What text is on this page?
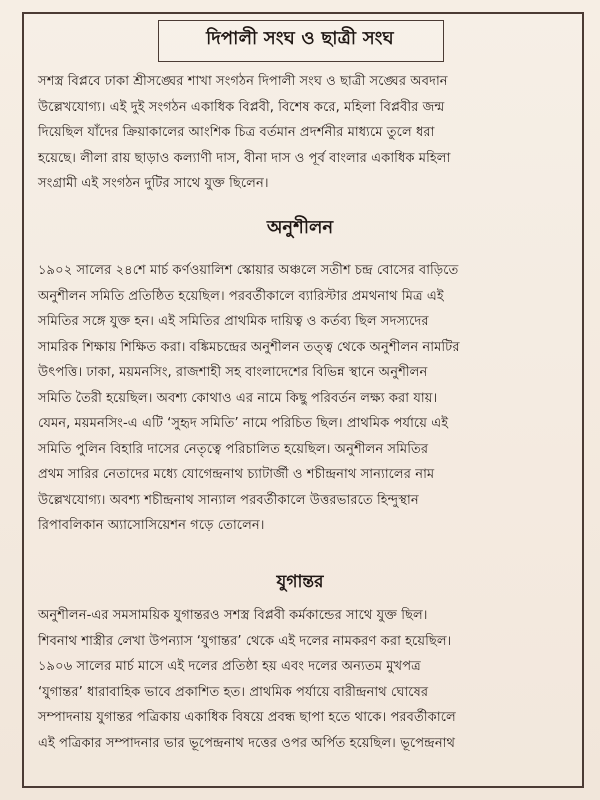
দিপালী সংঘ ও ছাত্রী সংঘ
সশস্ত্র বিপ্লবে ঢাকা শ্রীসঙ্ঘের শাখা সংগঠন দিপালী সংঘ ও ছাত্রী সঙ্ঘের অবদান
উল্লেখযোগ্য। এই দুই সংগঠন একাধিক বিপ্লবী, বিশেষ করে, মহিলা বিপ্লবীর জন্ম
দিয়েছিল যাঁদের ক্রিয়াকালের আংশিক চিত্র বর্তমান প্রদর্শনীর মাধ্যমে তুলে ধরা
হয়েছে। লীলা রায় ছাড়াও কল্যাণী দাস, বীনা দাস ও পূর্ব বাংলার একাধিক মহিলা
সংগ্রামী এই সংগঠন দুটির সাথে যুক্ত ছিলেন।
অনুশীলন
১৯০২ সালের ২৪শে মার্চ কর্ণওয়ালিশ স্কোয়ার অঞ্চলে সতীশ চন্দ্র বোসের বাড়িতে
অনুশীলন সমিতি প্রতিষ্ঠিত হয়েছিল। পরবর্তীকালে ব্যারিস্টার প্রমথনাথ মিত্র এই
সমিতির সঙ্গে যুক্ত হন। এই সমিতির প্রাথমিক দায়িত্ব ও কর্তব্য ছিল সদস্যদের
সামরিক শিক্ষায় শিক্ষিত করা। বঙ্কিমচন্দ্রের অনুশীলন তত্ত্ব থেকে অনুশীলন নামটির
উৎপত্তি। ঢাকা, ময়মনসিং, রাজশাহী সহ বাংলাদেশের বিভিন্ন স্থানে অনুশীলন
সমিতি তৈরী হয়েছিল। অবশ্য কোথাও এর নামে কিছু পরিবর্তন লক্ষ্য করা যায়।
যেমন, ময়মনসিং-এ এটি ‘সুহৃদ সমিতি’ নামে পরিচিত ছিল। প্রাথমিক পর্যায়ে এই
সমিতি পুলিন বিহারি দাসের নেতৃত্বে পরিচালিত হয়েছিল। অনুশীলন সমিতির
প্রথম সারির নেতাদের মধ্যে যোগেন্দ্রনাথ চ্যাটার্জী ও শচীন্দ্রনাথ সান্যালের নাম
উল্লেখযোগ্য। অবশ্য শচীন্দ্রনাথ সান্যাল পরবর্তীকালে উত্তরভারতে হিন্দুস্থান
রিপাবলিকান অ্যাসোসিয়েশন গড়ে তোলেন।
যুগান্তর
অনুশীলন-এর সমসাময়িক যুগান্তরও সশস্ত্র বিপ্লবী কর্মকান্ডের সাথে যুক্ত ছিল।
শিবনাথ শাস্ত্রীর লেখা উপন্যাস ‘যুগান্তর’ থেকে এই দলের নামকরণ করা হয়েছিল।
১৯০৬ সালের মার্চ মাসে এই দলের প্রতিষ্ঠা হয় এবং দলের অন্যতম মুখপত্র
‘যুগান্তর’ ধারাবাহিক ভাবে প্রকাশিত হত। প্রাথমিক পর্যায়ে বারীন্দ্রনাথ ঘোষের
সম্পাদনায় যুগান্তর পত্রিকায় একাধিক বিষয়ে প্রবন্ধ ছাপা হতে থাকে। পরবর্তীকালে
এই পত্রিকার সম্পাদনার ভার ভূপেন্দ্রনাথ দত্তের ওপর অর্পিত হয়েছিল। ভূপেন্দ্রনাথ
